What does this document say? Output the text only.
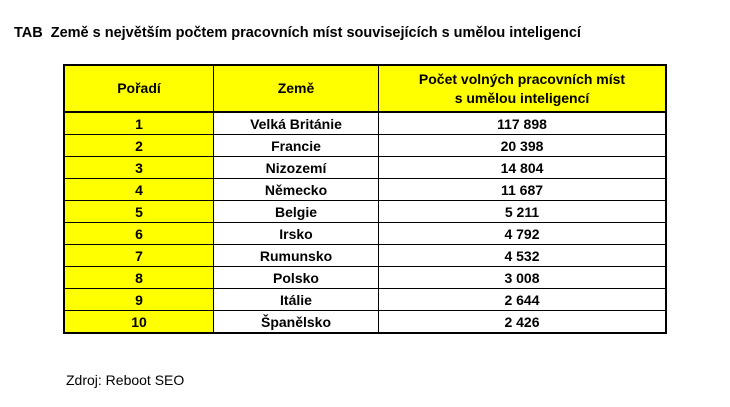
TAB Země s největším počtem pracovních míst souvisejících s umělou inteligencí
Pořadí	Země	Počet volných pracovních míst
s umělou inteligencí
1	Velká Británie	117 898
2	Francie	20 398
3	Nizozemí	14 804
4	Německo	11 687
5	Belgie	5 211
6	Irsko	4 792
7	Rumunsko	4 532
8	Polsko	3 008
9	Itálie	2 644
10	Španělsko	2 426
Zdroj: Reboot SEO
